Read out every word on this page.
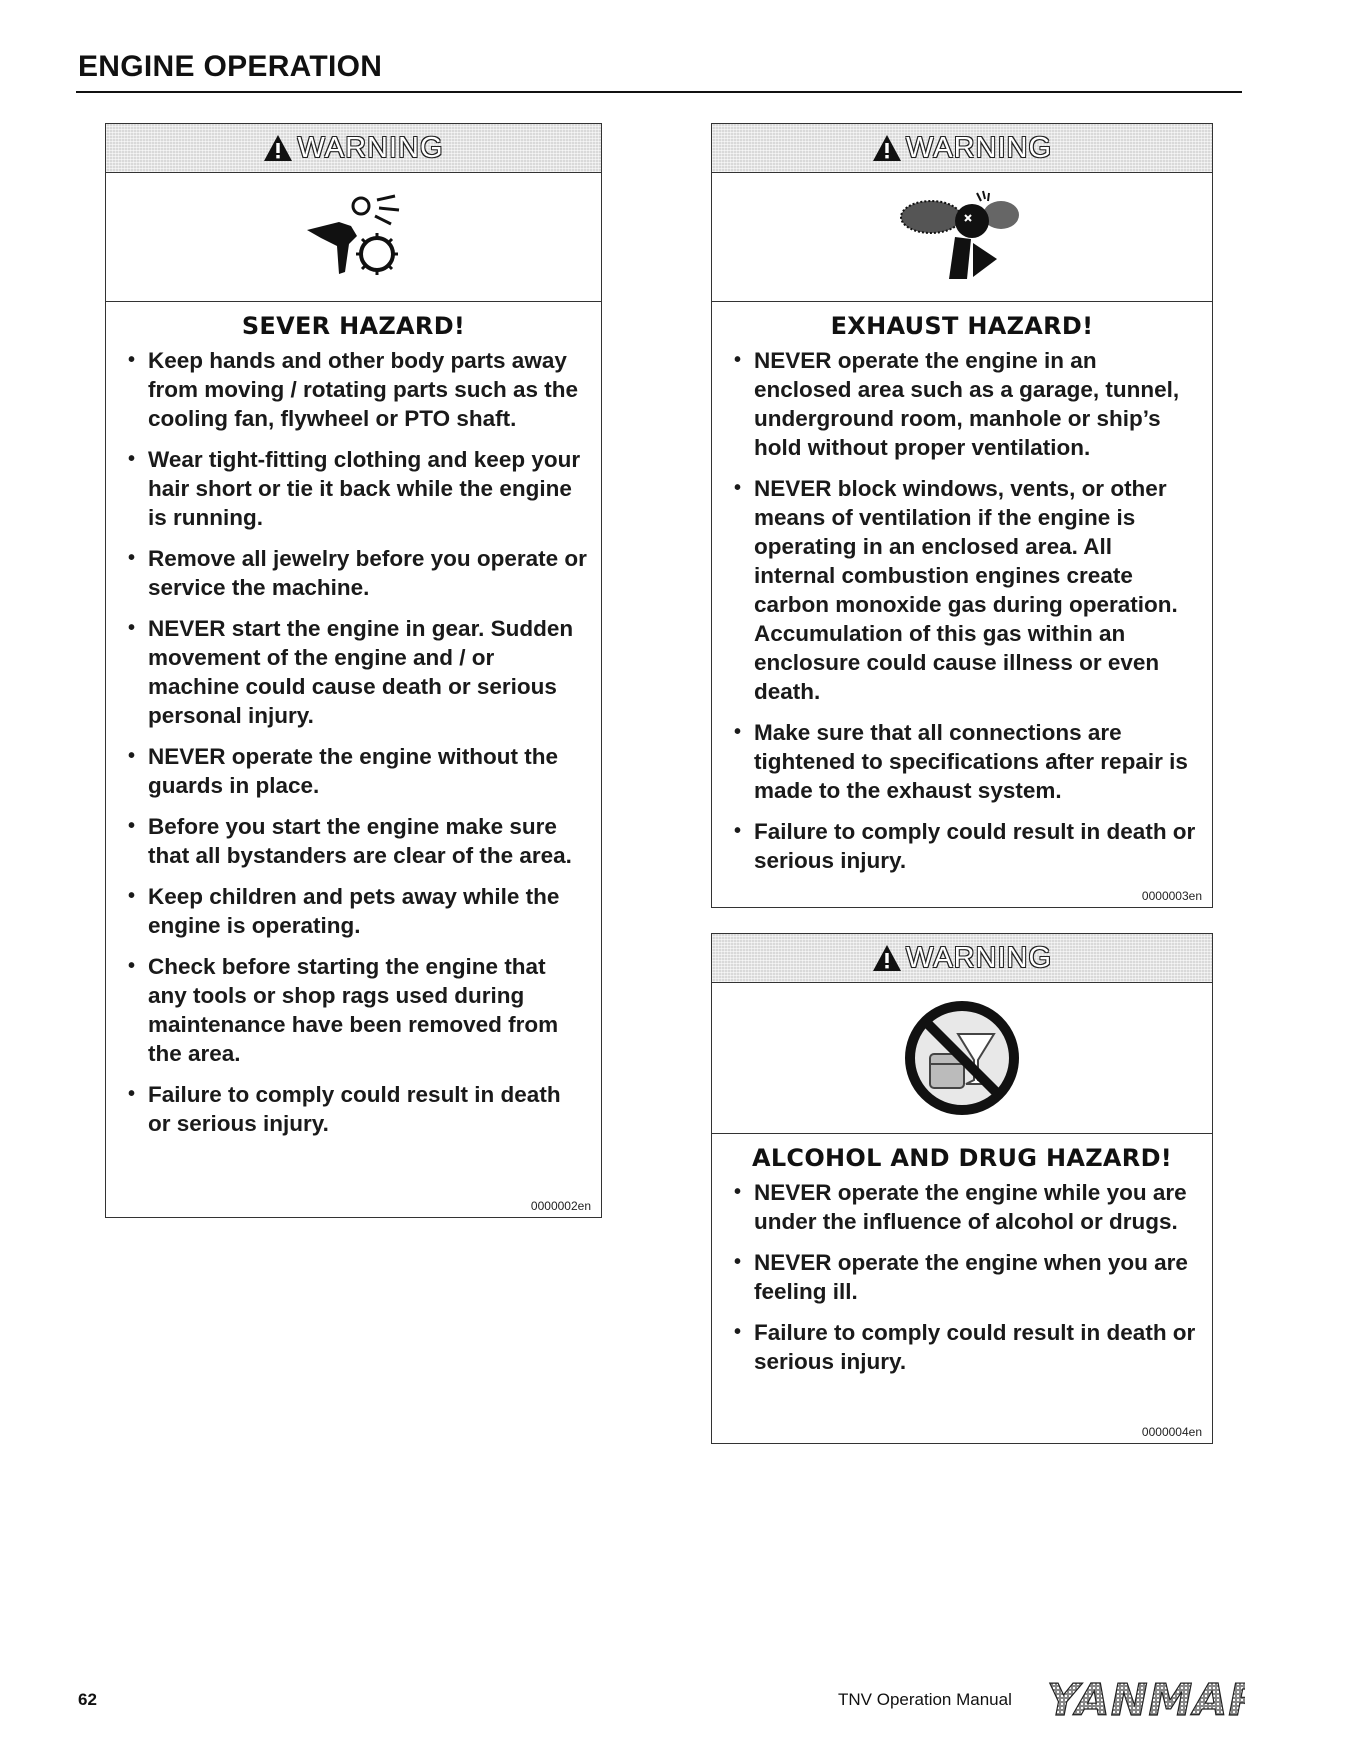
ENGINE OPERATION
WARNING
SEVER HAZARD!
• Keep hands and other body parts away from moving / rotating parts such as the cooling fan, flywheel or PTO shaft.
• Wear tight-fitting clothing and keep your hair short or tie it back while the engine is running.
• Remove all jewelry before you operate or service the machine.
• NEVER start the engine in gear. Sudden movement of the engine and / or machine could cause death or serious personal injury.
• NEVER operate the engine without the guards in place.
• Before you start the engine make sure that all bystanders are clear of the area.
• Keep children and pets away while the engine is operating.
• Check before starting the engine that any tools or shop rags used during maintenance have been removed from the area.
• Failure to comply could result in death or serious injury.
0000002en
WARNING
EXHAUST HAZARD!
• NEVER operate the engine in an enclosed area such as a garage, tunnel, underground room, manhole or ship’s hold without proper ventilation.
• NEVER block windows, vents, or other means of ventilation if the engine is operating in an enclosed area. All internal combustion engines create carbon monoxide gas during operation. Accumulation of this gas within an enclosure could cause illness or even death.
• Make sure that all connections are tightened to specifications after repair is made to the exhaust system.
• Failure to comply could result in death or serious injury.
0000003en
WARNING
ALCOHOL AND DRUG HAZARD!
• NEVER operate the engine while you are under the influence of alcohol or drugs.
• NEVER operate the engine when you are feeling ill.
• Failure to comply could result in death or serious injury.
0000004en
62	TNV Operation Manual YANMAR
